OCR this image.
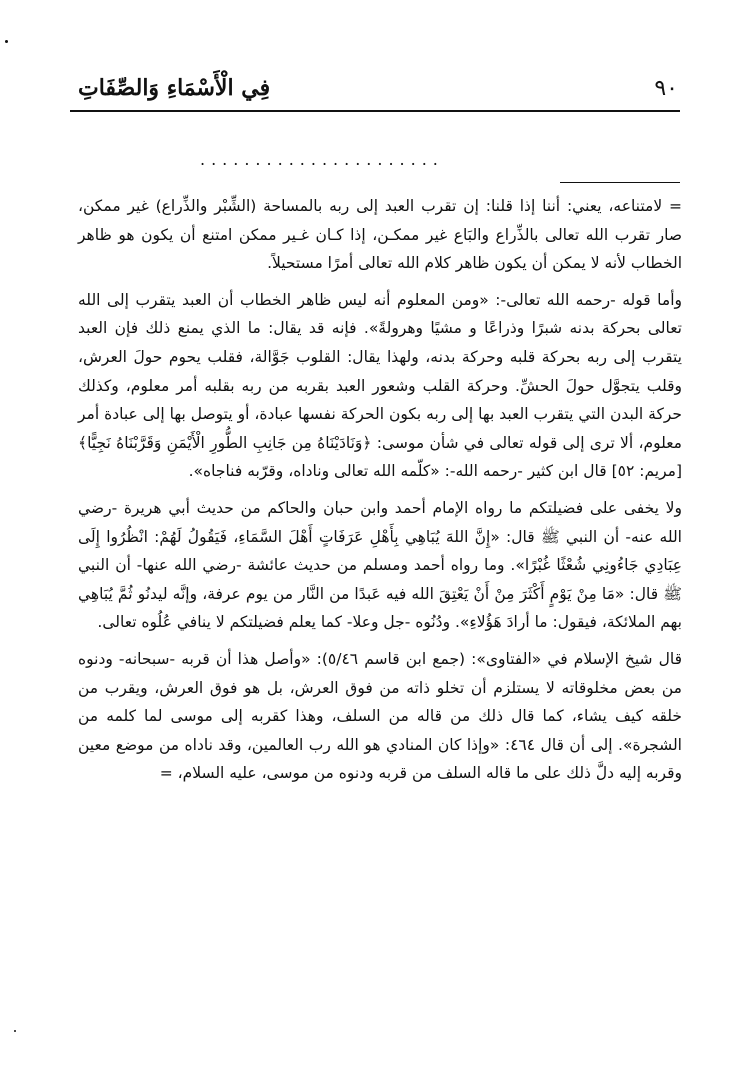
٩٠
فِي الْأَسْمَاءِ وَالصِّفَاتِ
......................

= لامتناعه، يعني: أننا إذا قلنا: إن تقرب العبد إلى ربه بالمساحة (الشِّبْر والذِّراع) غير ممكن، صار تقرب الله تعالى بالذِّراع والبَاع غير ممكـن، إذا كـان غـير ممكن امتنع أن يكون هو ظاهر الخطاب لأنه لا يمكن أن يكون ظاهر كلام الله تعالى أمرًا مستحيلاً.

وأما قوله -رحمه الله تعالى-: «ومن المعلوم أنه ليس ظاهر الخطاب أن العبد يتقرب إلى الله تعالى بحركة بدنه شبرًا وذراعًا و مشيًا وهرولةً». فإنه قد يقال: ما الذي يمنع ذلك فإن العبد يتقرب إلى ربه بحركة قلبه وحركة بدنه، ولهذا يقال: القلوب جَوَّالة، فقلب يحوم حولَ العرش، وقلب يتجوَّل حولَ الحشِّ. وحركة القلب وشعور العبد بقربه من ربه بقلبه أمر معلوم، وكذلك حركة البدن التي يتقرب العبد بها إلى ربه بكون الحركة نفسها عبادة، أو يتوصل بها إلى عبادة أمر معلوم، ألا ترى إلى قوله تعالى في شأن موسى: ﴿وَنَادَيْنَاهُ مِن جَانِبِ الطُّورِ الْأَيْمَنِ وَقَرَّبْنَاهُ نَجِيًّا﴾ [مريم: ٥٢] قال ابن كثير -رحمه الله-: «كلّمه الله تعالى وناداه، وقرّبه فناجاه».

ولا يخفى على فضيلتكم ما رواه الإمام أحمد وابن حبان والحاكم من حديث أبي هريرة -رضي الله عنه- أن النبي ﷺ قال: «إِنَّ اللهَ يُبَاهِي بِأَهْلِ عَرَفَاتٍ أَهْلَ السَّمَاءِ، فَيَقُولُ لَهُمْ: انْظُرُوا إِلَى عِبَادِي جَاءُونِي شُعْثًا غُبْرًا». وما رواه أحمد ومسلم من حديث عائشة -رضي الله عنها- أن النبي ﷺ قال: «مَا مِنْ يَوْمٍ أَكْثَرَ مِنْ أَنْ يَعْتِقَ الله فيه عَبدًا من النَّار من يوم عرفة، وإنَّه ليدنُو ثُمَّ يُبَاهِي بهم الملائكة، فيقول: ما أرادَ هَؤُلاءِ». ودُنُوه -جل وعلا- كما يعلم فضيلتكم لا ينافي عُلُوه تعالى.

قال شيخ الإسلام في «الفتاوى»: (جمع ابن قاسم ٥/٤٦): «وأصل هذا أن قربه -سبحانه- ودنوه من بعض مخلوقاته لا يستلزم أن تخلو ذاته من فوق العرش، بل هو فوق العرش، ويقرب من خلقه كيف يشاء، كما قال ذلك من قاله من السلف، وهذا كقربه إلى موسى لما كلمه من الشجرة». إلى أن قال ٤٦٤: «وإذا كان المنادي هو الله رب العالمين، وقد ناداه من موضع معين وقربه إليه دلَّ ذلك على ما قاله السلف من قربه ودنوه من موسى، عليه السلام، =
